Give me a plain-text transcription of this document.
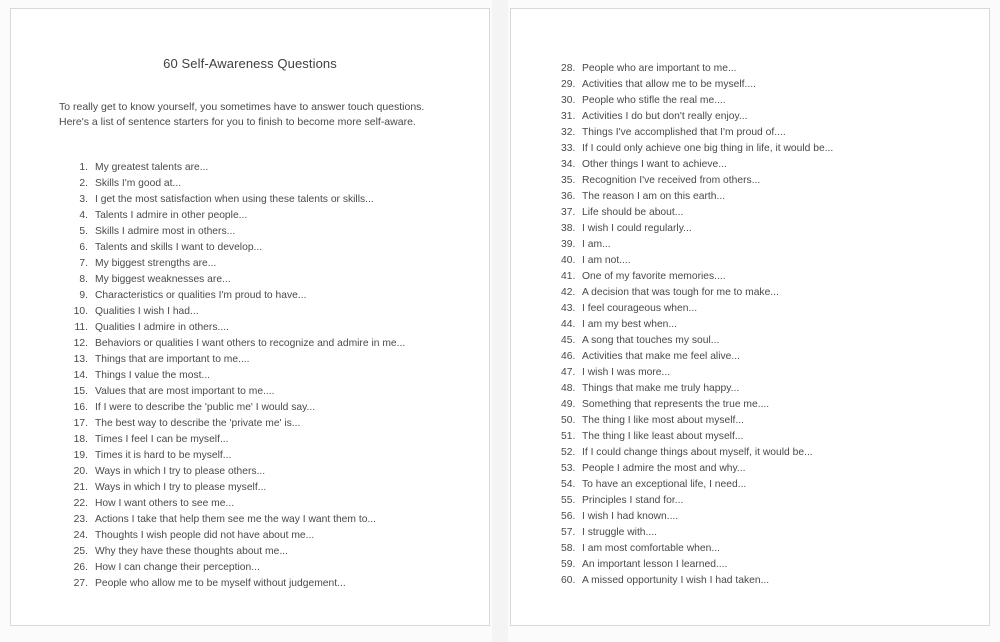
60 Self-Awareness Questions

To really get to know yourself, you sometimes have to answer touch questions. Here's a list of sentence starters for you to finish to become more self-aware.

1. My greatest talents are...
2. Skills I'm good at...
3. I get the most satisfaction when using these talents or skills...
4. Talents I admire in other people...
5. Skills I admire most in others...
6. Talents and skills I want to develop...
7. My biggest strengths are...
8. My biggest weaknesses are...
9. Characteristics or qualities I'm proud to have...
10. Qualities I wish I had...
11. Qualities I admire in others....
12. Behaviors or qualities I want others to recognize and admire in me...
13. Things that are important to me....
14. Things I value the most...
15. Values that are most important to me....
16. If I were to describe the 'public me' I would say...
17. The best way to describe the 'private me' is...
18. Times I feel I can be myself...
19. Times it is hard to be myself...
20. Ways in which I try to please others...
21. Ways in which I try to please myself...
22. How I want others to see me...
23. Actions I take that help them see me the way I want them to...
24. Thoughts I wish people did not have about me...
25. Why they have these thoughts about me...
26. How I can change their perception...
27. People who allow me to be myself without judgement...
28. People who are important to me...
29. Activities that allow me to be myself....
30. People who stifle the real me....
31. Activities I do but don't really enjoy...
32. Things I've accomplished that I'm proud of....
33. If I could only achieve one big thing in life, it would be...
34. Other things I want to achieve...
35. Recognition I've received from others...
36. The reason I am on this earth...
37. Life should be about...
38. I wish I could regularly...
39. I am...
40. I am not....
41. One of my favorite memories....
42. A decision that was tough for me to make...
43. I feel courageous when...
44. I am my best when...
45. A song that touches my soul...
46. Activities that make me feel alive...
47. I wish I was more...
48. Things that make me truly happy...
49. Something that represents the true me....
50. The thing I like most about myself...
51. The thing I like least about myself...
52. If I could change things about myself, it would be...
53. People I admire the most and why...
54. To have an exceptional life, I need...
55. Principles I stand for...
56. I wish I had known....
57. I struggle with....
58. I am most comfortable when...
59. An important lesson I learned....
60. A missed opportunity I wish I had taken...
